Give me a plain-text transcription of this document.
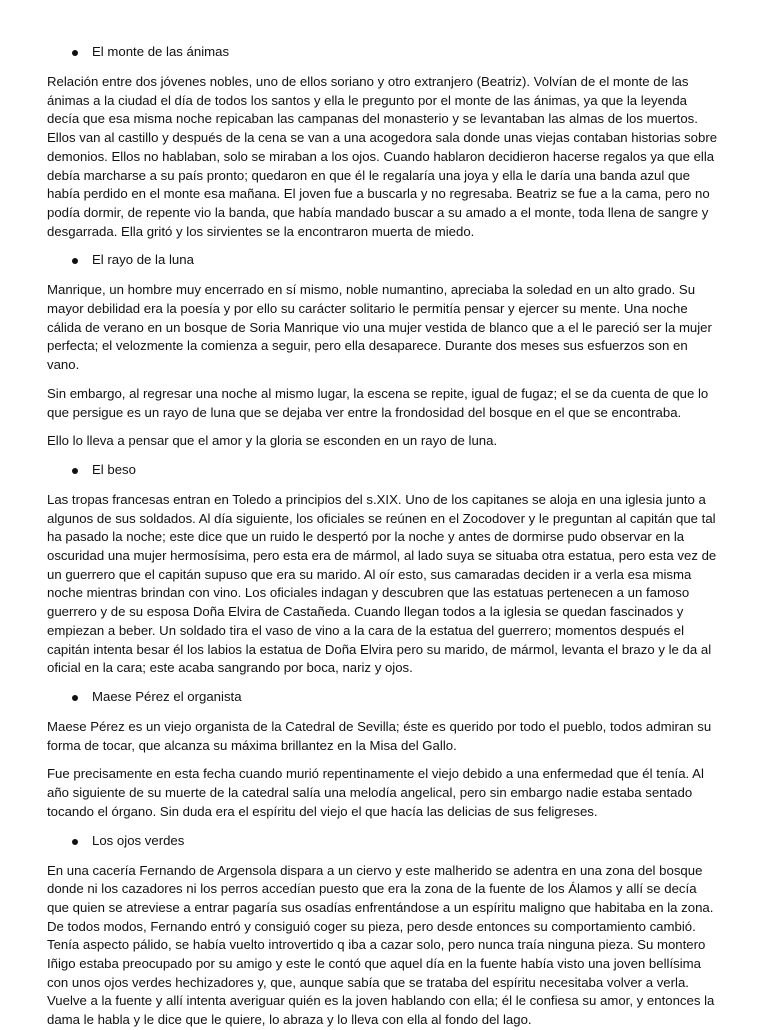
El monte de las ánimas

Relación entre dos jóvenes nobles, uno de ellos soriano y otro extranjero (Beatriz). Volvían de el monte de las ánimas a la ciudad el día de todos los santos y ella le pregunto por el monte de las ánimas, ya que la leyenda decía que esa misma noche repicaban las campanas del monasterio y se levantaban las almas de los muertos. Ellos van al castillo y después de la cena se van a una acogedora sala donde unas viejas contaban historias sobre demonios. Ellos no hablaban, solo se miraban a los ojos. Cuando hablaron decidieron hacerse regalos ya que ella debía marcharse a su país pronto; quedaron en que él le regalaría una joya y ella le daría una banda azul que había perdido en el monte esa mañana. El joven fue a buscarla y no regresaba. Beatriz se fue a la cama, pero no podía dormir, de repente vio la banda, que había mandado buscar a su amado a el monte, toda llena de sangre y desgarrada. Ella gritó y los sirvientes se la encontraron muerta de miedo.

El rayo de la luna

Manrique, un hombre muy encerrado en sí mismo, noble numantino, apreciaba la soledad en un alto grado. Su mayor debilidad era la poesía y por ello su carácter solitario le permitía pensar y ejercer su mente. Una noche cálida de verano en un bosque de Soria Manrique vio una mujer vestida de blanco que a el le pareció ser la mujer perfecta; el velozmente la comienza a seguir, pero ella desaparece. Durante dos meses sus esfuerzos son en vano.

Sin embargo, al regresar una noche al mismo lugar, la escena se repite, igual de fugaz; el se da cuenta de que lo que persigue es un rayo de luna que se dejaba ver entre la frondosidad del bosque en el que se encontraba.

Ello lo lleva a pensar que el amor y la gloria se esconden en un rayo de luna.

El beso

Las tropas francesas entran en Toledo a principios del s.XIX. Uno de los capitanes se aloja en una iglesia junto a algunos de sus soldados. Al día siguiente, los oficiales se reúnen en el Zocodover y le preguntan al capitán que tal ha pasado la noche; este dice que un ruido le despertó por la noche y antes de dormirse pudo observar en la oscuridad una mujer hermosísima, pero esta era de mármol, al lado suya se situaba otra estatua, pero esta vez de un guerrero que el capitán supuso que era su marido. Al oír esto, sus camaradas deciden ir a verla esa misma noche mientras brindan con vino. Los oficiales indagan y descubren que las estatuas pertenecen a un famoso guerrero y de su esposa Doña Elvira de Castañeda. Cuando llegan todos a la iglesia se quedan fascinados y empiezan a beber. Un soldado tira el vaso de vino a la cara de la estatua del guerrero; momentos después el capitán intenta besar él los labios la estatua de Doña Elvira pero su marido, de mármol, levanta el brazo y le da al oficial en la cara; este acaba sangrando por boca, nariz y ojos.

Maese Pérez el organista

Maese Pérez es un viejo organista de la Catedral de Sevilla; éste es querido por todo el pueblo, todos admiran su forma de tocar, que alcanza su máxima brillantez en la Misa del Gallo.

Fue precisamente en esta fecha cuando murió repentinamente el viejo debido a una enfermedad que él tenía. Al año siguiente de su muerte de la catedral salía una melodía angelical, pero sin embargo nadie estaba sentado tocando el órgano. Sin duda era el espíritu del viejo el que hacía las delicias de sus feligreses.

Los ojos verdes

En una cacería Fernando de Argensola dispara a un ciervo y este malherido se adentra en una zona del bosque donde ni los cazadores ni los perros accedían puesto que era la zona de la fuente de los Álamos y allí se decía que quien se atreviese a entrar pagaría sus osadías enfrentándose a un espíritu maligno que habitaba en la zona. De todos modos, Fernando entró y consiguió coger su pieza, pero desde entonces su comportamiento cambió. Tenía aspecto pálido, se había vuelto introvertido q iba a cazar solo, pero nunca traía ninguna pieza. Su montero Iñigo estaba preocupado por su amigo y este le contó que aquel día en la fuente había visto una joven bellísima con unos ojos verdes hechizadores y, que, aunque sabía que se trataba del espíritu necesitaba volver a verla. Vuelve a la fuente y allí intenta averiguar quién es la joven hablando con ella; él le confiesa su amor, y entonces la dama le habla y le dice que le quiere, lo abraza y lo lleva con ella al fondo del lago.
